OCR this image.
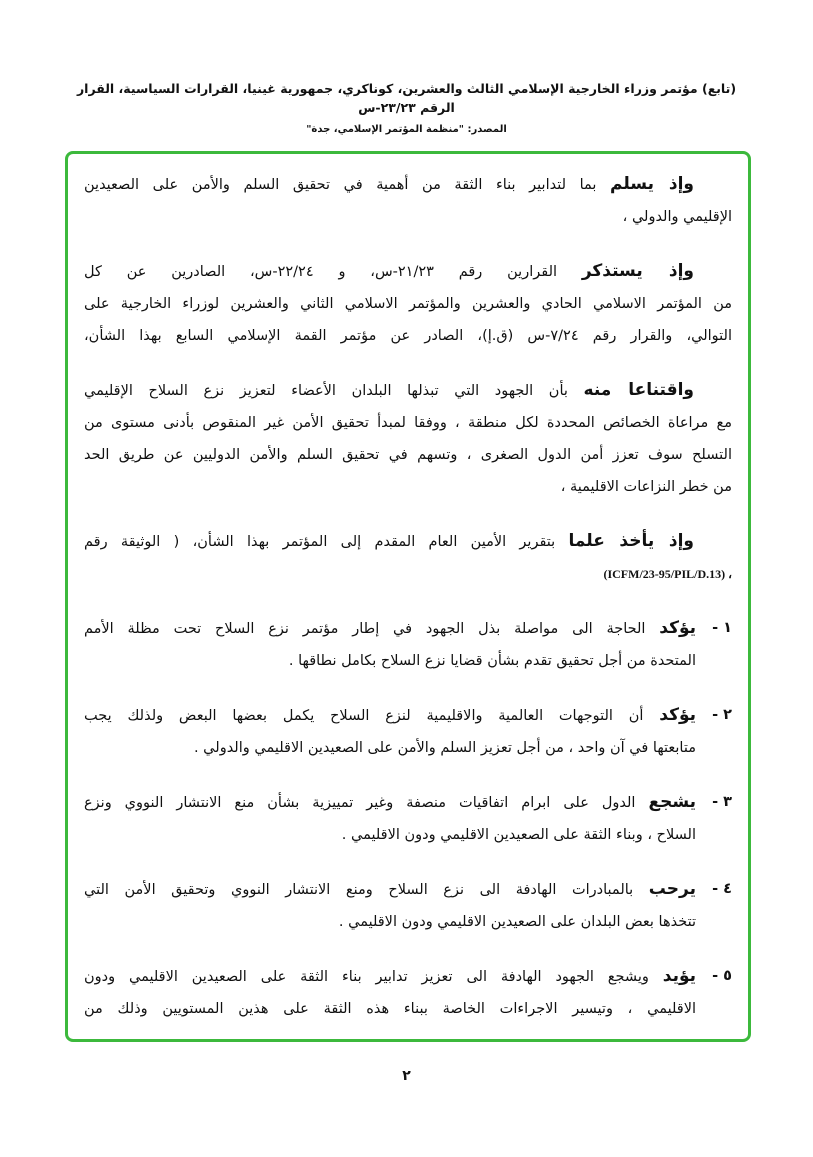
(تابع) مؤتمر وزراء الخارجية الإسلامي الثالث والعشرين، كوناكري، جمهورية غينيا، القرارات السياسية، القرار الرقم ٢٣/٢٣-س
المصدر: "منظمة المؤتمر الإسلامي، جدة"
وإذ يسلم بما لتدابير بناء الثقة من أهمية في تحقيق السلم والأمن على الصعيدين
الإقليمي والدولي ،
وإذ يستذكر القرارين رقم ٢١/٢٣-س، و ٢٢/٢٤-س، الصادرين عن كل
من المؤتمر الاسلامي الحادي والعشرين والمؤتمر الاسلامي الثاني والعشرين لوزراء الخارجية على
التوالي، والقرار رقم ٧/٢٤-س (ق.إ)، الصادر عن مؤتمر القمة الإسلامي السابع بهذا الشأن،
واقتناعا منه بأن الجهود التي تبذلها البلدان الأعضاء لتعزيز نزع السلاح الإقليمي
مع مراعاة الخصائص المحددة لكل منطقة ، ووفقا لمبدأ تحقيق الأمن غير المنقوص بأدنى مستوى من
التسلح سوف تعزز أمن الدول الصغرى ، وتسهم في تحقيق السلم والأمن الدوليين عن طريق الحد
من خطر النزاعات الاقليمية ،
وإذ يأخذ علما بتقرير الأمين العام المقدم إلى المؤتمر بهذا الشأن، ( الوثيقة رقم
(ICFM/23-95/PIL/D.13) ،
١ -
يؤكد الحاجة الى مواصلة بذل الجهود في إطار مؤتمر نزع السلاح تحت مظلة الأمم
المتحدة من أجل تحقيق تقدم بشأن قضايا نزع السلاح بكامل نطاقها .
٢ -
يؤكد أن التوجهات العالمية والاقليمية لنزع السلاح يكمل بعضها البعض ولذلك يجب
متابعتها في آن واحد ، من أجل تعزيز السلم والأمن على الصعيدين الاقليمي والدولي .
٣ -
يشجع الدول على ابرام اتفاقيات منصفة وغير تمييزية بشأن منع الانتشار النووي ونزع
السلاح ، وبناء الثقة على الصعيدين الاقليمي ودون الاقليمي .
٤ -
يرحب بالمبادرات الهادفة الى نزع السلاح ومنع الانتشار النووي وتحقيق الأمن التي
تتخذها بعض البلدان على الصعيدين الاقليمي ودون الاقليمي .
٥ -
يؤيد ويشجع الجهود الهادفة الى تعزيز تدابير بناء الثقة على الصعيدين الاقليمي ودون
الاقليمي ، وتيسير الاجراءات الخاصة ببناء هذه الثقة على هذين المستويين وذلك من
٢
